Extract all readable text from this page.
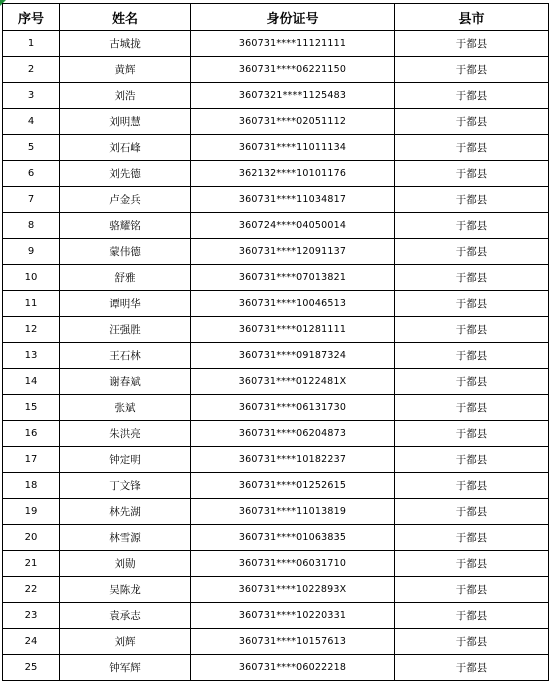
序号	姓名	身份证号	县市
1	古城拢	360731****11121111	于都县
2	黄辉	360731****06221150	于都县
3	刘浩	3607321****1125483	于都县
4	刘明慧	360731****02051112	于都县
5	刘石峰	360731****11011134	于都县
6	刘先德	362132****10101176	于都县
7	卢金兵	360731****11034817	于都县
8	骆耀铭	360724****04050014	于都县
9	蒙伟德	360731****12091137	于都县
10	舒雅	360731****07013821	于都县
11	谭明华	360731****10046513	于都县
12	汪强胜	360731****01281111	于都县
13	王石林	360731****09187324	于都县
14	谢春斌	360731****0122481X	于都县
15	张斌	360731****06131730	于都县
16	朱洪亮	360731****06204873	于都县
17	钟定明	360731****10182237	于都县
18	丁文锋	360731****01252615	于都县
19	林先湖	360731****11013819	于都县
20	林雪源	360731****01063835	于都县
21	刘勋	360731****06031710	于都县
22	吴陈龙	360731****1022893X	于都县
23	袁承志	360731****10220331	于都县
24	刘辉	360731****10157613	于都县
25	钟军辉	360731****06022218	于都县
